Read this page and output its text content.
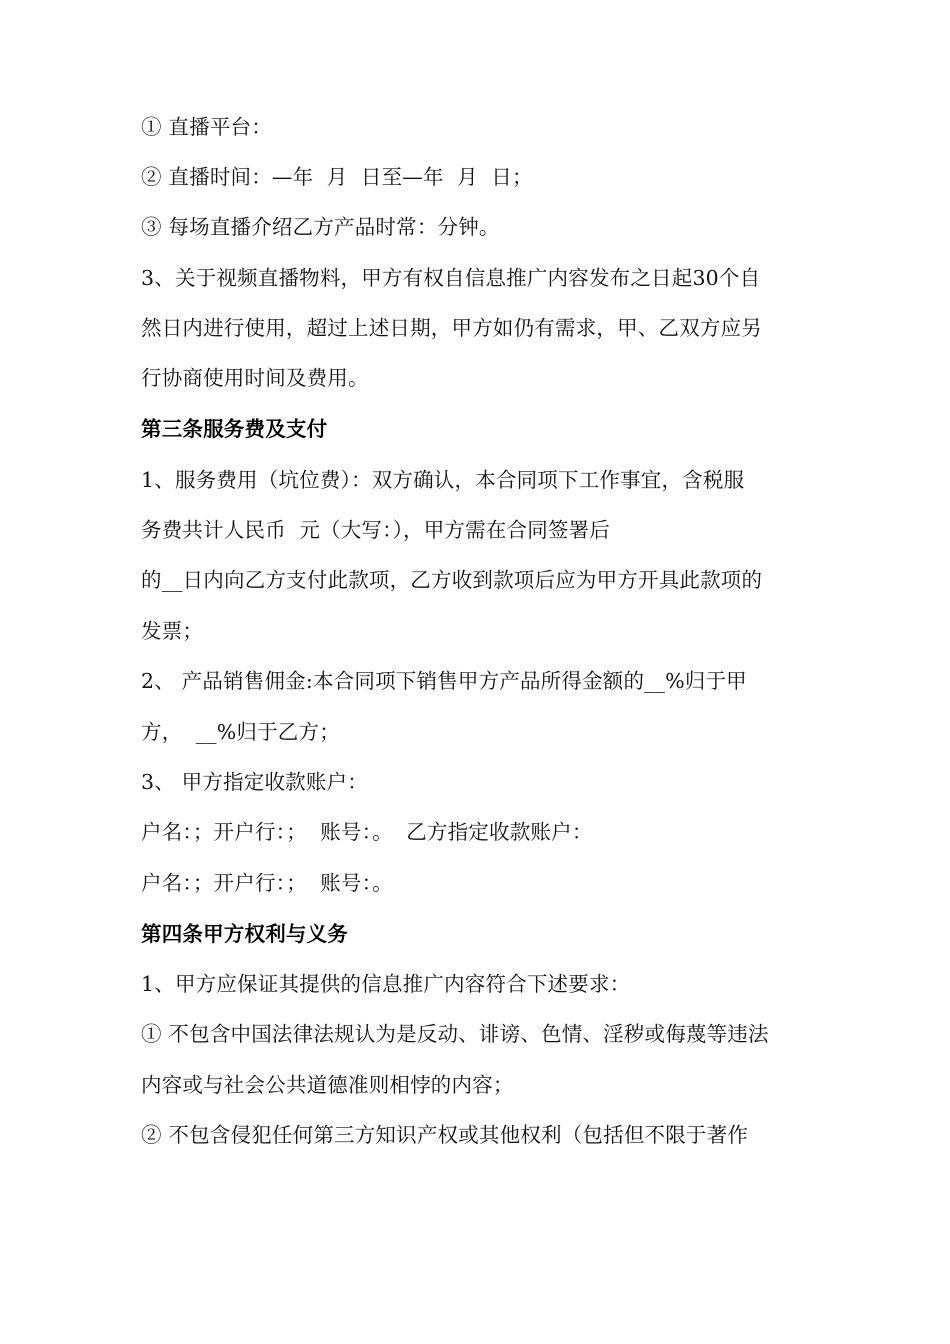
① 直播平台：
② 直播时间：—年  月  日至—年  月  日；
③ 每场直播介绍乙方产品时常：分钟。
3、关于视频直播物料，甲方有权自信息推广内容发布之日起30个自
然日内进行使用，超过上述日期，甲方如仍有需求，甲、乙双方应另
行协商使用时间及费用。
第三条服务费及支付
1、服务费用（坑位费）：双方确认，本合同项下工作事宜，含税服
务费共计人民币  元（大写：），甲方需在合同签署后
的__日内向乙方支付此款项，乙方收到款项后应为甲方开具此款项的
发票；
2、 产品销售佣金:本合同项下销售甲方产品所得金额的__%归于甲
方，  __%归于乙方；
3、 甲方指定收款账户：
户名：；开户行：；  账号：。  乙方指定收款账户：
户名：；开户行：；  账号：。
第四条甲方权利与义务
1、甲方应保证其提供的信息推广内容符合下述要求：
① 不包含中国法律法规认为是反动、诽谤、色情、淫秽或侮蔑等违法
内容或与社会公共道德准则相悖的内容；
② 不包含侵犯任何第三方知识产权或其他权利（包括但不限于著作
